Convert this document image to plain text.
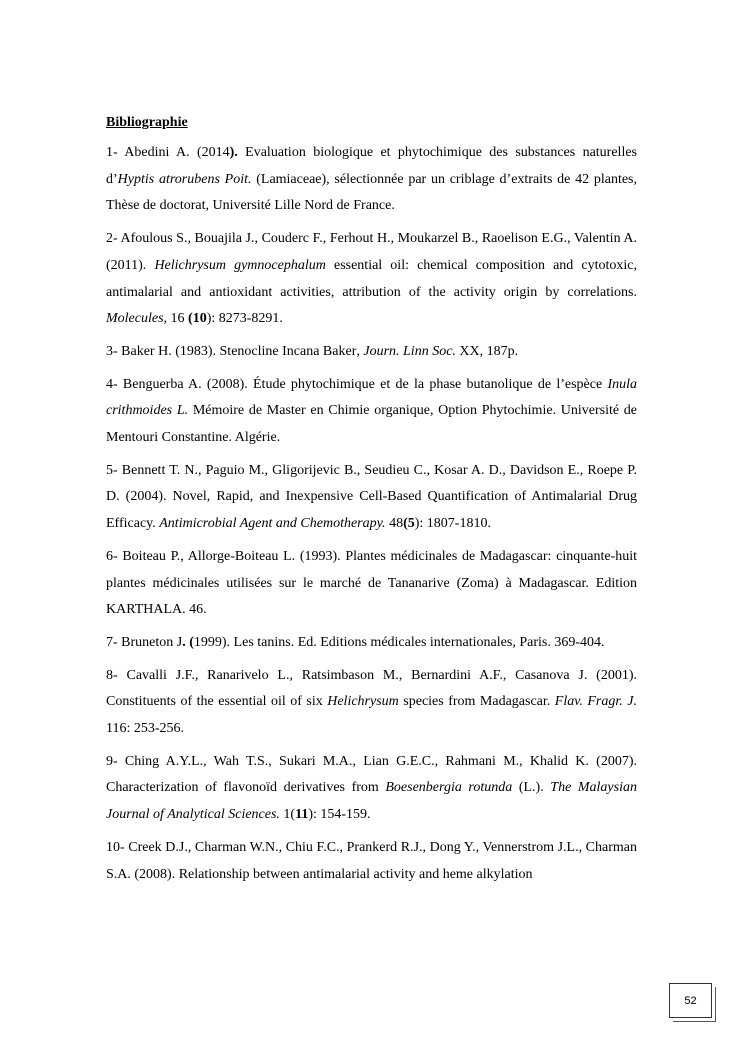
Bibliographie
1- Abedini A. (2014). Evaluation biologique et phytochimique des substances naturelles d’Hyptis atrorubens Poit. (Lamiaceae), sélectionnée par un criblage d’extraits de 42 plantes, Thèse de doctorat, Université Lille Nord de France.
2- Afoulous S., Bouajila J., Couderc F., Ferhout H., Moukarzel B., Raoelison E.G., Valentin A. (2011). Helichrysum gymnocephalum essential oil: chemical composition and cytotoxic, antimalarial and antioxidant activities, attribution of the activity origin by correlations. Molecules, 16 (10): 8273-8291.
3- Baker H. (1983). Stenocline Incana Baker, Journ. Linn Soc. XX, 187p.
4- Benguerba A. (2008). Étude phytochimique et de la phase butanolique de l’espèce Inula crithmoides L. Mémoire de Master en Chimie organique, Option Phytochimie. Université de Mentouri Constantine. Algérie.
5- Bennett T. N., Paguio M., Gligorijevic B., Seudieu C., Kosar A. D., Davidson E., Roepe P. D. (2004). Novel, Rapid, and Inexpensive Cell-Based Quantification of Antimalarial Drug Efficacy. Antimicrobial Agent and Chemotherapy. 48(5): 1807-1810.
6- Boiteau P., Allorge-Boiteau L. (1993). Plantes médicinales de Madagascar: cinquante-huit plantes médicinales utilisées sur le marché de Tananarive (Zoma) à Madagascar. Edition KARTHALA. 46.
7- Bruneton J. (1999). Les tanins. Ed. Editions médicales internationales, Paris. 369-404.
8- Cavalli J.F., Ranarivelo L., Ratsimbason M., Bernardini A.F., Casanova J. (2001). Constituents of the essential oil of six Helichrysum species from Madagascar. Flav. Fragr. J. 116: 253-256.
9- Ching A.Y.L., Wah T.S., Sukari M.A., Lian G.E.C., Rahmani M., Khalid K. (2007). Characterization of flavonoïd derivatives from Boesenbergia rotunda (L.). The Malaysian Journal of Analytical Sciences. 1(11): 154-159.
10- Creek D.J., Charman W.N., Chiu F.C., Prankerd R.J., Dong Y., Vennerstrom J.L., Charman S.A. (2008). Relationship between antimalarial activity and heme alkylation
52
